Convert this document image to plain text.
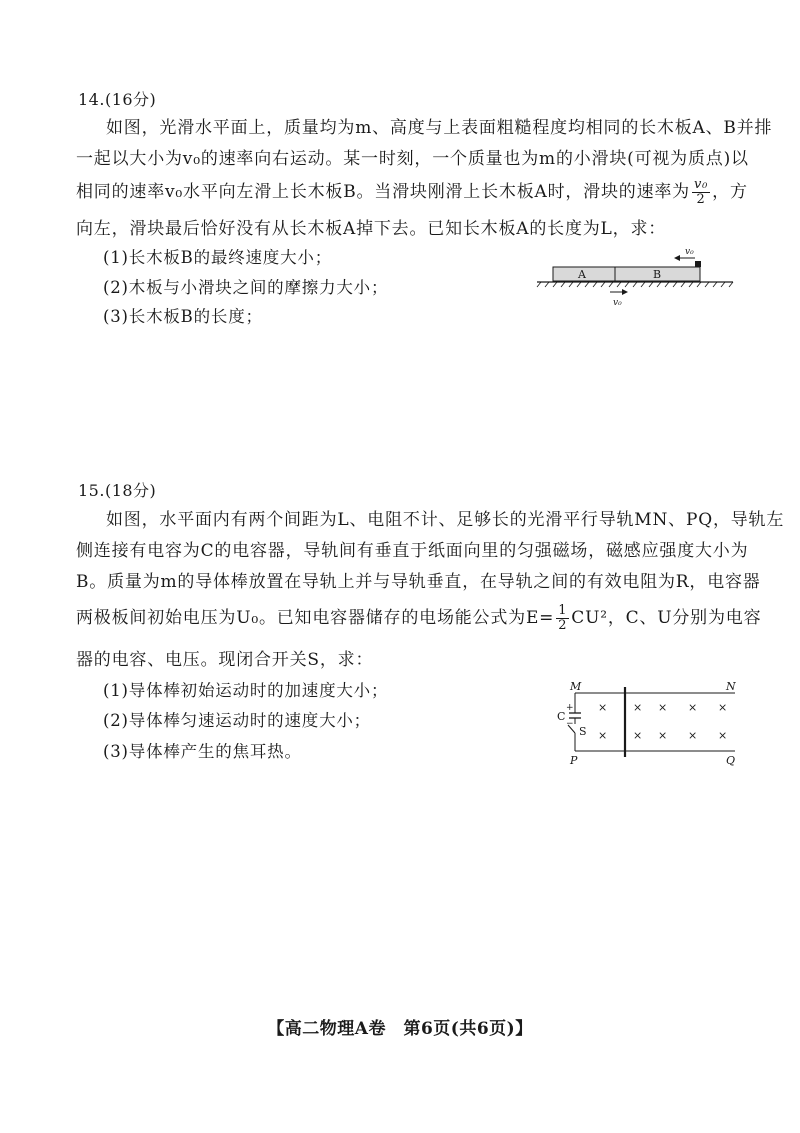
14.(16分)
如图，光滑水平面上，质量均为m、高度与上表面粗糙程度均相同的长木板A、B并排
一起以大小为v₀的速率向右运动。某一时刻，一个质量也为m的小滑块(可视为质点)以
相同的速率v₀水平向左滑上长木板B。当滑块刚滑上长木板A时，滑块的速率为 $\frac{\text{v₀}}{2}$ ，方
向左，滑块最后恰好没有从长木板A掉下去。已知长木板A的长度为L，求：
(1)长木板B的最终速度大小；
(2)木板与小滑块之间的摩擦力大小；
(3)长木板B的长度；
A	B
v₀
v₀
15.(18分)
如图，水平面内有两个间距为L、电阻不计、足够长的光滑平行导轨MN、PQ，导轨左
侧连接有电容为C的电容器，导轨间有垂直于纸面向里的匀强磁场，磁感应强度大小为
B。质量为m的导体棒放置在导轨上并与导轨垂直，在导轨之间的有效电阻为R，电容器
两极板间初始电压为U₀。已知电容器储存的电场能公式为$E= \frac{1}{2} CU^2$，C、U分别为电容
器的电容、电压。现闭合开关S，求：
(1)导体棒初始运动时的加速度大小；
(2)导体棒匀速运动时的速度大小；
(3)导体棒产生的焦耳热。
M	N
P	Q
C
+
−
S
×
×
×
×
×
×
×
×
×
×
【高二物理A卷　第6页(共6页)】
